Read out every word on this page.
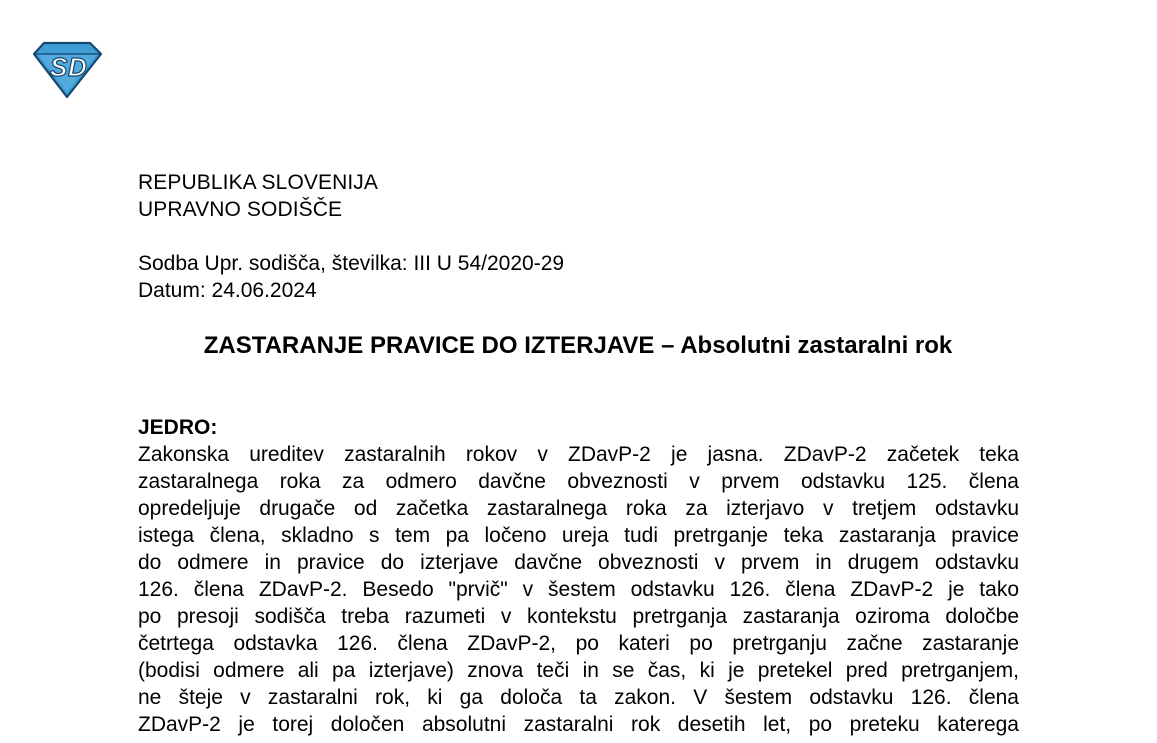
S D
REPUBLIKA SLOVENIJA
UPRAVNO SODIŠČE
Sodba Upr. sodišča, številka: III U 54/2020-29
Datum: 24.06.2024
ZASTARANJE PRAVICE DO IZTERJAVE – Absolutni zastaralni rok
JEDRO:
Zakonska ureditev zastaralnih rokov v ZDavP-2 je jasna. ZDavP-2 začetek teka
zastaralnega roka za odmero davčne obveznosti v prvem odstavku 125. člena
opredeljuje drugače od začetka zastaralnega roka za izterjavo v tretjem odstavku
istega člena, skladno s tem pa ločeno ureja tudi pretrganje teka zastaranja pravice
do odmere in pravice do izterjave davčne obveznosti v prvem in drugem odstavku
126. člena ZDavP-2. Besedo "prvič" v šestem odstavku 126. člena ZDavP-2 je tako
po presoji sodišča treba razumeti v kontekstu pretrganja zastaranja oziroma določbe
četrtega odstavka 126. člena ZDavP-2, po kateri po pretrganju začne zastaranje
(bodisi odmere ali pa izterjave) znova teči in se čas, ki je pretekel pred pretrganjem,
ne šteje v zastaralni rok, ki ga določa ta zakon. V šestem odstavku 126. člena
ZDavP-2 je torej določen absolutni zastaralni rok desetih let, po preteku katerega
